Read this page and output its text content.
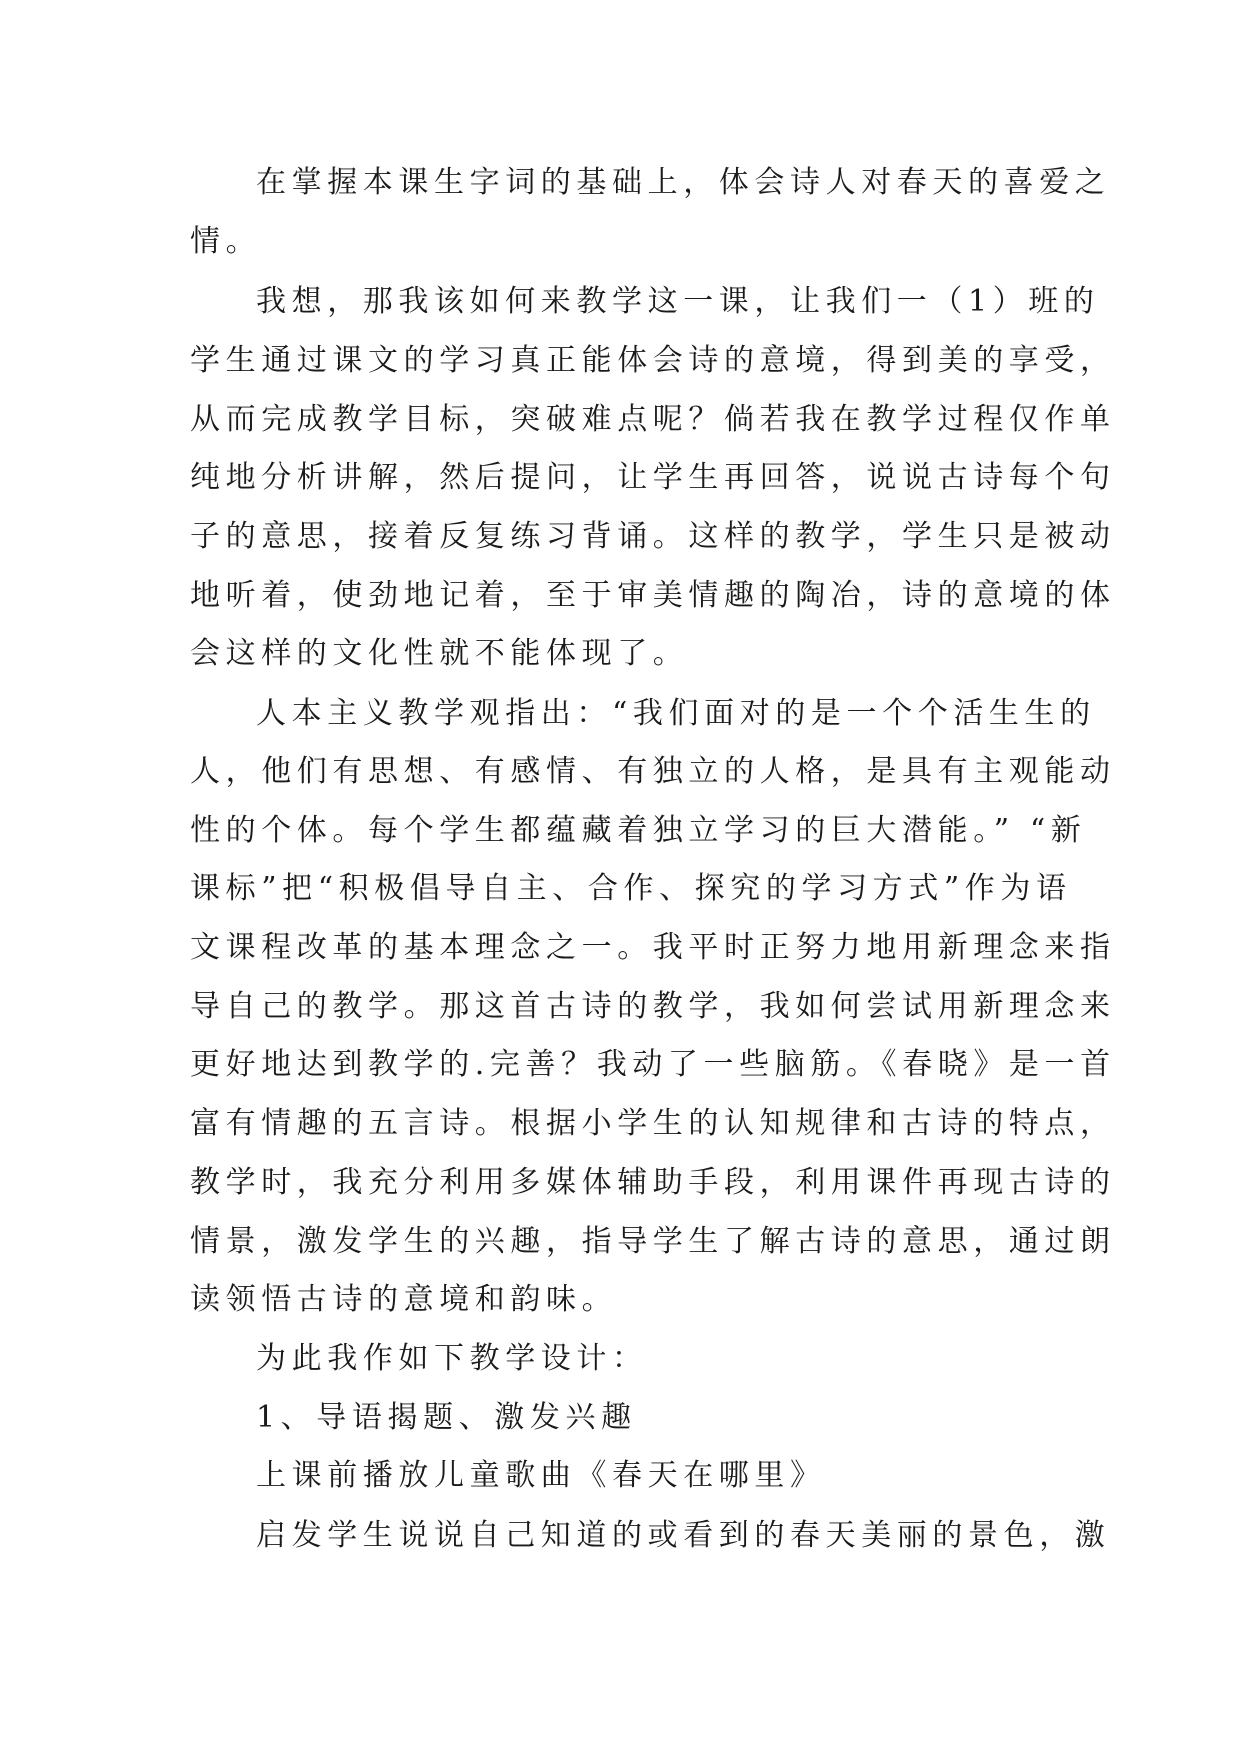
在掌握本课生字词的基础上，体会诗人对春天的喜爱之
情。
我想，那我该如何来教学这一课，让我们一（1）班的
学生通过课文的学习真正能体会诗的意境，得到美的享受，
从而完成教学目标，突破难点呢？倘若我在教学过程仅作单
纯地分析讲解，然后提问，让学生再回答，说说古诗每个句
子的意思，接着反复练习背诵。这样的教学，学生只是被动
地听着，使劲地记着，至于审美情趣的陶冶，诗的意境的体
会这样的文化性就不能体现了。
人本主义教学观指出：“我们面对的是一个个活生生的
人，他们有思想、有感情、有独立的人格，是具有主观能动
性的个体。每个学生都蕴藏着独立学习的巨大潜能。” “新
课标”把“积极倡导自主、合作、探究的学习方式”作为语
文课程改革的基本理念之一。我平时正努力地用新理念来指
导自己的教学。那这首古诗的教学，我如何尝试用新理念来
更好地达到教学的.完善？我动了一些脑筋。《春晓》是一首
富有情趣的五言诗。根据小学生的认知规律和古诗的特点，
教学时，我充分利用多媒体辅助手段，利用课件再现古诗的
情景，激发学生的兴趣，指导学生了解古诗的意思，通过朗
读领悟古诗的意境和韵味。
为此我作如下教学设计：
1、导语揭题、激发兴趣
上课前播放儿童歌曲《春天在哪里》
启发学生说说自己知道的或看到的春天美丽的景色，激
